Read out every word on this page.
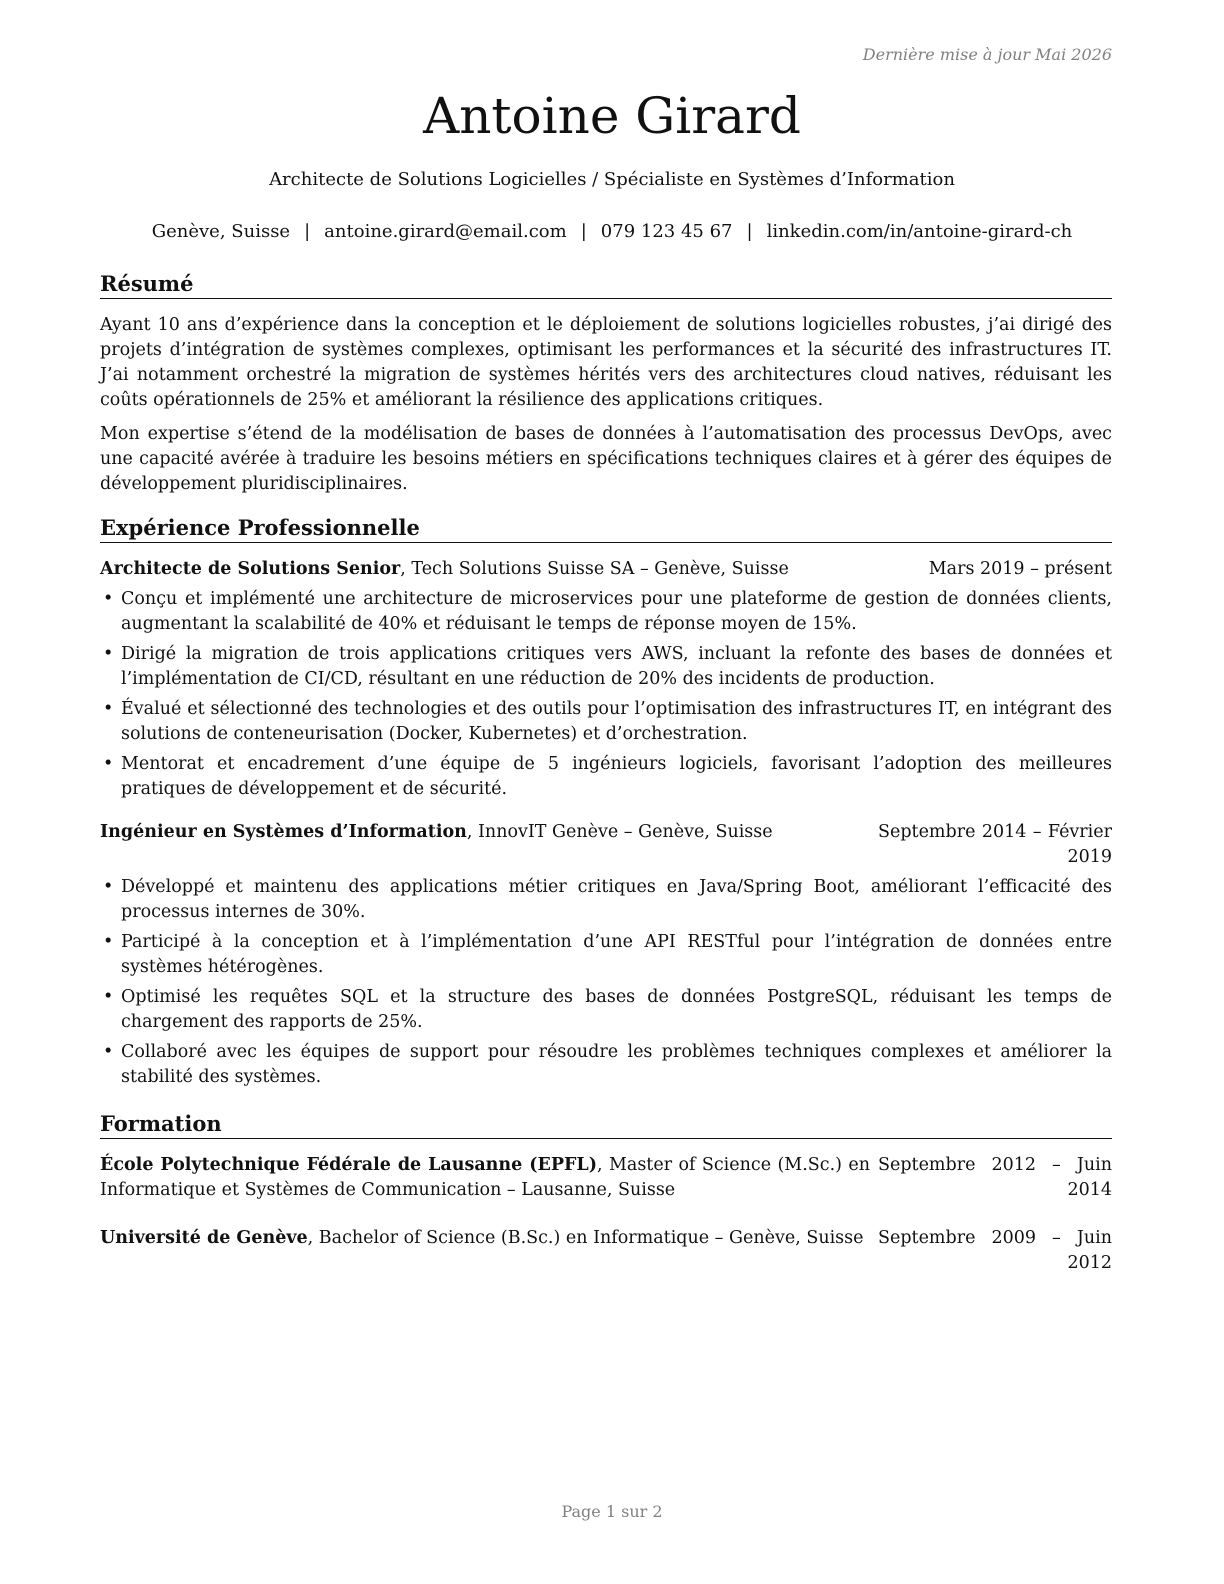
Dernière mise à jour Mai 2026
Antoine Girard
Architecte de Solutions Logicielles / Spécialiste en Systèmes d’Information
Genève, Suisse | antoine.girard@email.com | 079 123 45 67 | linkedin.com/in/antoine-girard-ch
Résumé

Ayant 10 ans d’expérience dans la conception et le déploiement de solutions logicielles robustes, j’ai dirigé des projets d’intégration de systèmes complexes, optimisant les performances et la sécurité des infrastructures IT. J’ai notamment orchestré la migration de systèmes hérités vers des architectures cloud natives, réduisant les coûts opérationnels de 25% et améliorant la résilience des applications critiques.

Mon expertise s’étend de la modélisation de bases de données à l’automatisation des processus DevOps, avec une capacité avérée à traduire les besoins métiers en spécifications techniques claires et à gérer des équipes de développement pluridisciplinaires.

Expérience Professionnelle
Architecte de Solutions Senior, Tech Solutions Suisse SA – Genève, Suisse	Mars 2019 – présent
• Conçu et implémenté une architecture de microservices pour une plateforme de gestion de données clients, augmentant la scalabilité de 40% et réduisant le temps de réponse moyen de 15%.
• Dirigé la migration de trois applications critiques vers AWS, incluant la refonte des bases de données et l’implémentation de CI/CD, résultant en une réduction de 20% des incidents de production.
• Évalué et sélectionné des technologies et des outils pour l’optimisation des infrastructures IT, en intégrant des solutions de conteneurisation (Docker, Kubernetes) et d’orchestration.
• Mentorat et encadrement d’une équipe de 5 ingénieurs logiciels, favorisant l’adoption des meilleures pratiques de développement et de sécurité.
Ingénieur en Systèmes d’Information, InnovIT Genève – Genève, Suisse	Septembre 2014 – Février 2019
• Développé et maintenu des applications métier critiques en Java/Spring Boot, améliorant l’efficacité des processus internes de 30%.
• Participé à la conception et à l’implémentation d’une API RESTful pour l’intégration de données entre systèmes hétérogènes.
• Optimisé les requêtes SQL et la structure des bases de données PostgreSQL, réduisant les temps de chargement des rapports de 25%.
• Collaboré avec les équipes de support pour résoudre les problèmes techniques complexes et améliorer la stabilité des systèmes.
Formation
École Polytechnique Fédérale de Lausanne (EPFL), Master of Science (M.Sc.) en Informatique et Systèmes de Communication – Lausanne, Suisse
Septembre 2012 – Juin 2014
Université de Genève, Bachelor of Science (B.Sc.) en Informatique – Genève, Suisse Septembre 2009 – Juin 2012
Page 1 sur 2
